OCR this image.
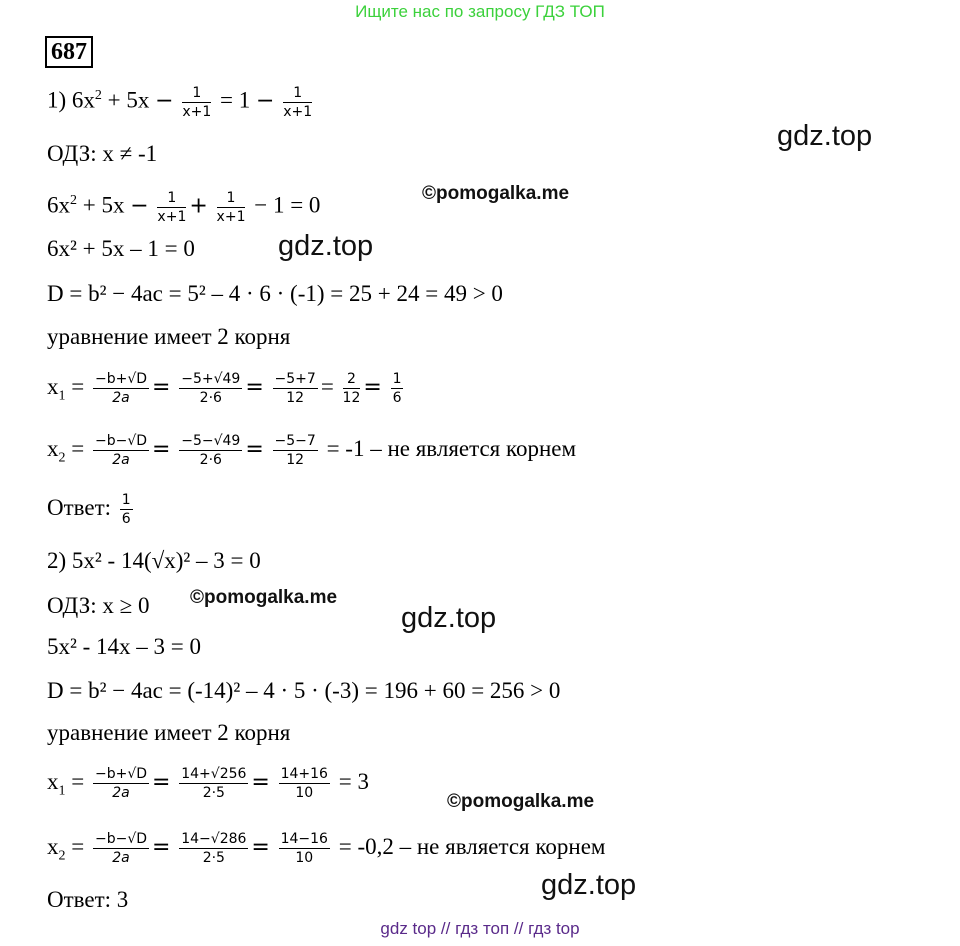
Ищите нас по запросу ГДЗ ТОП
687
1) $6x^2 + 5x - \frac{1}{x+1} = 1 - \frac{1}{x+1}$
ОДЗ: x ≠ -1
$6x^2 + 5x - \frac{1}{x+1} + \frac{1}{x+1} - 1 = 0$
6x² + 5x – 1 = 0
D = b² − 4ac = 5² – 4 · 6 · (-1) = 25 + 24 = 49 > 0
уравнение имеет 2 корня
$x_1 = \frac{-b+√D}{2a} = \frac{-5+√49}{2\cdot 6} = \frac{-5+7}{12} = \frac{2}{12} = \frac{1}{6}$
$x_2 = \frac{-b-√D}{2a} = \frac{-5-√49}{2\cdot 6} = \frac{-5-7}{12} = -1$ – не является корнем
Ответ: $\frac{1}{6}$
2) 5x² - 14(√x)² – 3 = 0
ОДЗ: x ≥ 0
5x² - 14x – 3 = 0
D = b² − 4ac = (-14)² – 4 · 5 · (-3) = 196 + 60 = 256 > 0
уравнение имеет 2 корня
$x_1 = \frac{-b+√D}{2a} = \frac{14+√256}{2\cdot 5} = \frac{14+16}{10} = 3$
$x_2 = \frac{-b-√D}{2a} = \frac{14-√286}{2\cdot 5} = \frac{14-16}{10} = -0,2$ – не является корнем
Ответ: 3
gdz.top
©pomogalka.me
gdz.top
©pomogalka.me
gdz.top
©pomogalka.me
gdz.top
gdz top // гдз топ // гдз top
